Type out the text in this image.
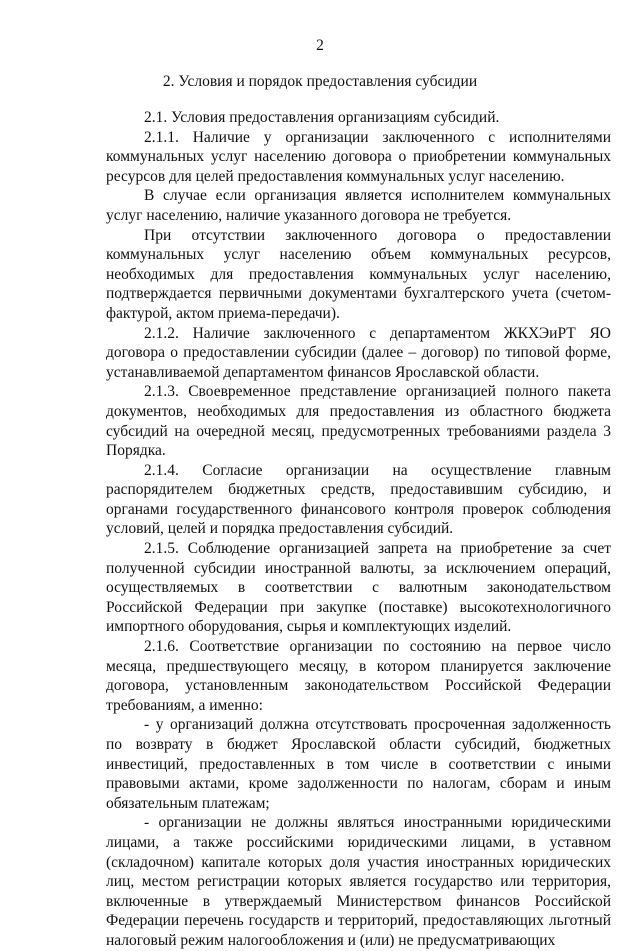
2
2. Условия и порядок предоставления субсидии

2.1. Условия предоставления организациям субсидий.

2.1.1. Наличие у организации заключенного с исполнителями коммунальных услуг населению договора о приобретении коммунальных ресурсов для целей предоставления коммунальных услуг населению.

В случае если организация является исполнителем коммунальных услуг населению, наличие указанного договора не требуется.

При отсутствии заключенного договора о предоставлении коммунальных услуг населению объем коммунальных ресурсов, необходимых для предоставления коммунальных услуг населению, подтверждается первичными документами бухгалтерского учета (счетом-фактурой, актом приема-передачи).

2.1.2. Наличие заключенного с департаментом ЖКХЭиРТ ЯО договора о предоставлении субсидии (далее – договор) по типовой форме, устанавливаемой департаментом финансов Ярославской области.

2.1.3. Своевременное представление организацией полного пакета документов, необходимых для предоставления из областного бюджета субсидий на очередной месяц, предусмотренных требованиями раздела 3 Порядка.

2.1.4. Согласие организации на осуществление главным распорядителем бюджетных средств, предоставившим субсидию, и органами государственного финансового контроля проверок соблюдения условий, целей и порядка предоставления субсидий.

2.1.5. Соблюдение организацией запрета на приобретение за счет полученной субсидии иностранной валюты, за исключением операций, осуществляемых в соответствии с валютным законодательством Российской Федерации при закупке (поставке) высокотехнологичного импортного оборудования, сырья и комплектующих изделий.

2.1.6. Соответствие организации по состоянию на первое число месяца, предшествующего месяцу, в котором планируется заключение договора, установленным законодательством Российской Федерации требованиям, а именно:

- у организаций должна отсутствовать просроченная задолженность по возврату в бюджет Ярославской области субсидий, бюджетных инвестиций, предоставленных в том числе в соответствии с иными правовыми актами, кроме задолженности по налогам, сборам и иным обязательным платежам;

- организации не должны являться иностранными юридическими лицами, а также российскими юридическими лицами, в уставном (складочном) капитале которых доля участия иностранных юридических лиц, местом регистрации которых является государство или территория, включенные в утверждаемый Министерством финансов Российской Федерации перечень государств и территорий, предоставляющих льготный налоговый режим налогообложения и (или) не предусматривающих
